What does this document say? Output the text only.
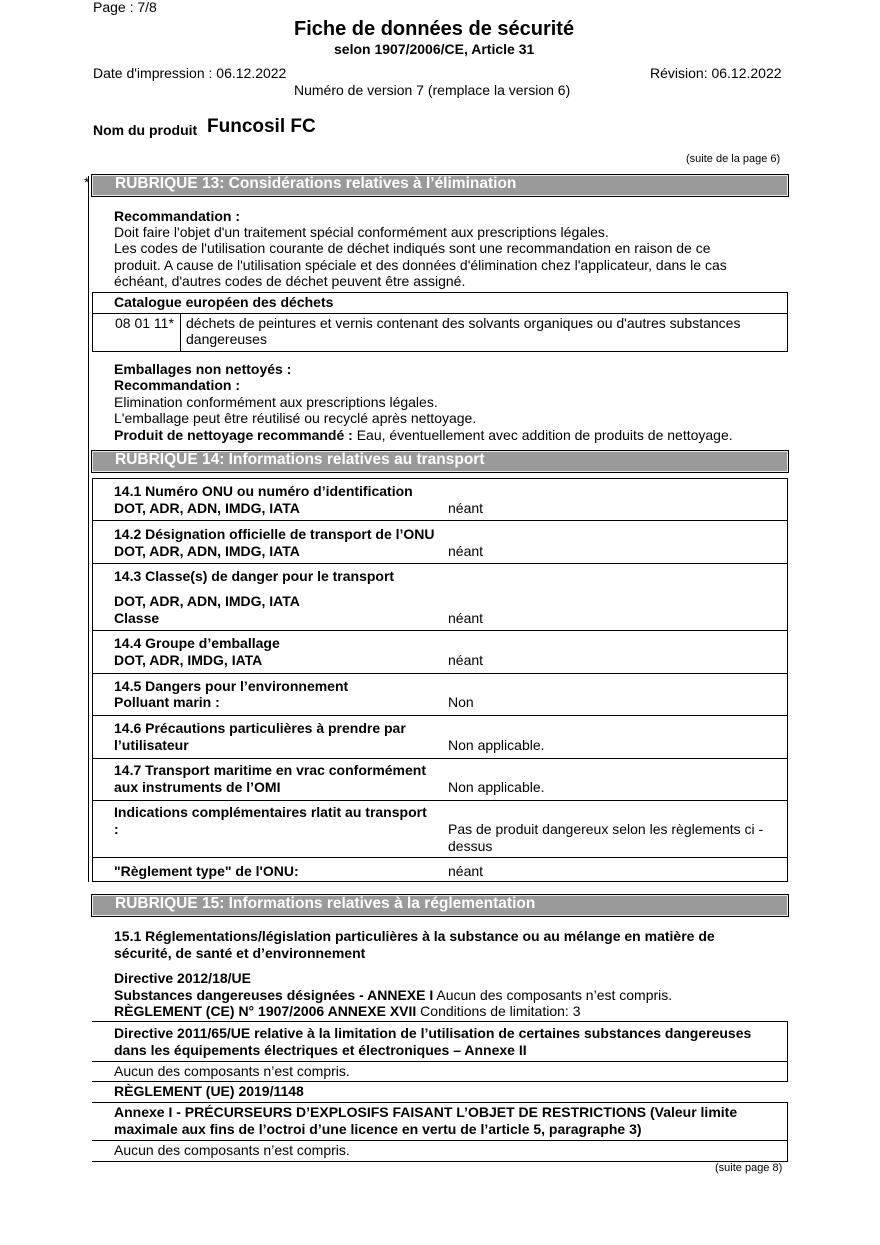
Page : 7/8
Fiche de données de sécurité
selon 1907/2006/CE, Article 31
Date d'impression : 06.12.2022	Révision: 06.12.2022
Numéro de version 7 (remplace la version 6)
Nom du produit Funcosil FC
(suite de la page 6)
* RUBRIQUE 13: Considérations relatives à l’élimination
Recommandation :
Doit faire l'objet d'un traitement spécial conformément aux prescriptions légales.
Les codes de l'utilisation courante de déchet indiqués sont une recommandation en raison de ce
produit. A cause de l'utilisation spéciale et des données d'élimination chez l'applicateur, dans le cas
échéant, d'autres codes de déchet peuvent être assigné.
Catalogue européen des déchets
08 01 11* déchets de peintures et vernis contenant des solvants organiques ou d'autres substances
dangereuses
Emballages non nettoyés :
Recommandation :
Elimination conformément aux prescriptions légales.
L'emballage peut être réutilisé ou recyclé après nettoyage.
Produit de nettoyage recommandé : Eau, éventuellement avec addition de produits de nettoyage.
RUBRIQUE 14: Informations relatives au transport
14.1 Numéro ONU ou numéro d’identification
DOT, ADR, ADN, IMDG, IATA	néant
14.2 Désignation officielle de transport de l’ONU
DOT, ADR, ADN, IMDG, IATA	néant
14.3 Classe(s) de danger pour le transport
DOT, ADR, ADN, IMDG, IATA
Classe	néant
14.4 Groupe d’emballage
DOT, ADR, IMDG, IATA	néant
14.5 Dangers pour l’environnement
Polluant marin :	Non
14.6 Précautions particulières à prendre par
l’utilisateur	Non applicable.
14.7 Transport maritime en vrac conformément
aux instruments de l’OMI	Non applicable.
Indications complémentaires rlatit au transport
:	Pas de produit dangereux selon les règlements ci -
dessus
"Règlement type" de l'ONU:	néant
RUBRIQUE 15: Informations relatives à la réglementation
15.1 Réglementations/législation particulières à la substance ou au mélange en matière de
sécurité, de santé et d’environnement
Directive 2012/18/UE
Substances dangereuses désignées - ANNEXE I Aucun des composants n’est compris.
RÈGLEMENT (CE) N° 1907/2006 ANNEXE XVII Conditions de limitation: 3
Directive 2011/65/UE relative à la limitation de l’utilisation de certaines substances dangereuses
dans les équipements électriques et électroniques – Annexe II
Aucun des composants n’est compris.
RÈGLEMENT (UE) 2019/1148
Annexe I - PRÉCURSEURS D’EXPLOSIFS FAISANT L’OBJET DE RESTRICTIONS (Valeur limite
maximale aux fins de l’octroi d’une licence en vertu de l’article 5, paragraphe 3)
Aucun des composants n’est compris.
(suite page 8)
